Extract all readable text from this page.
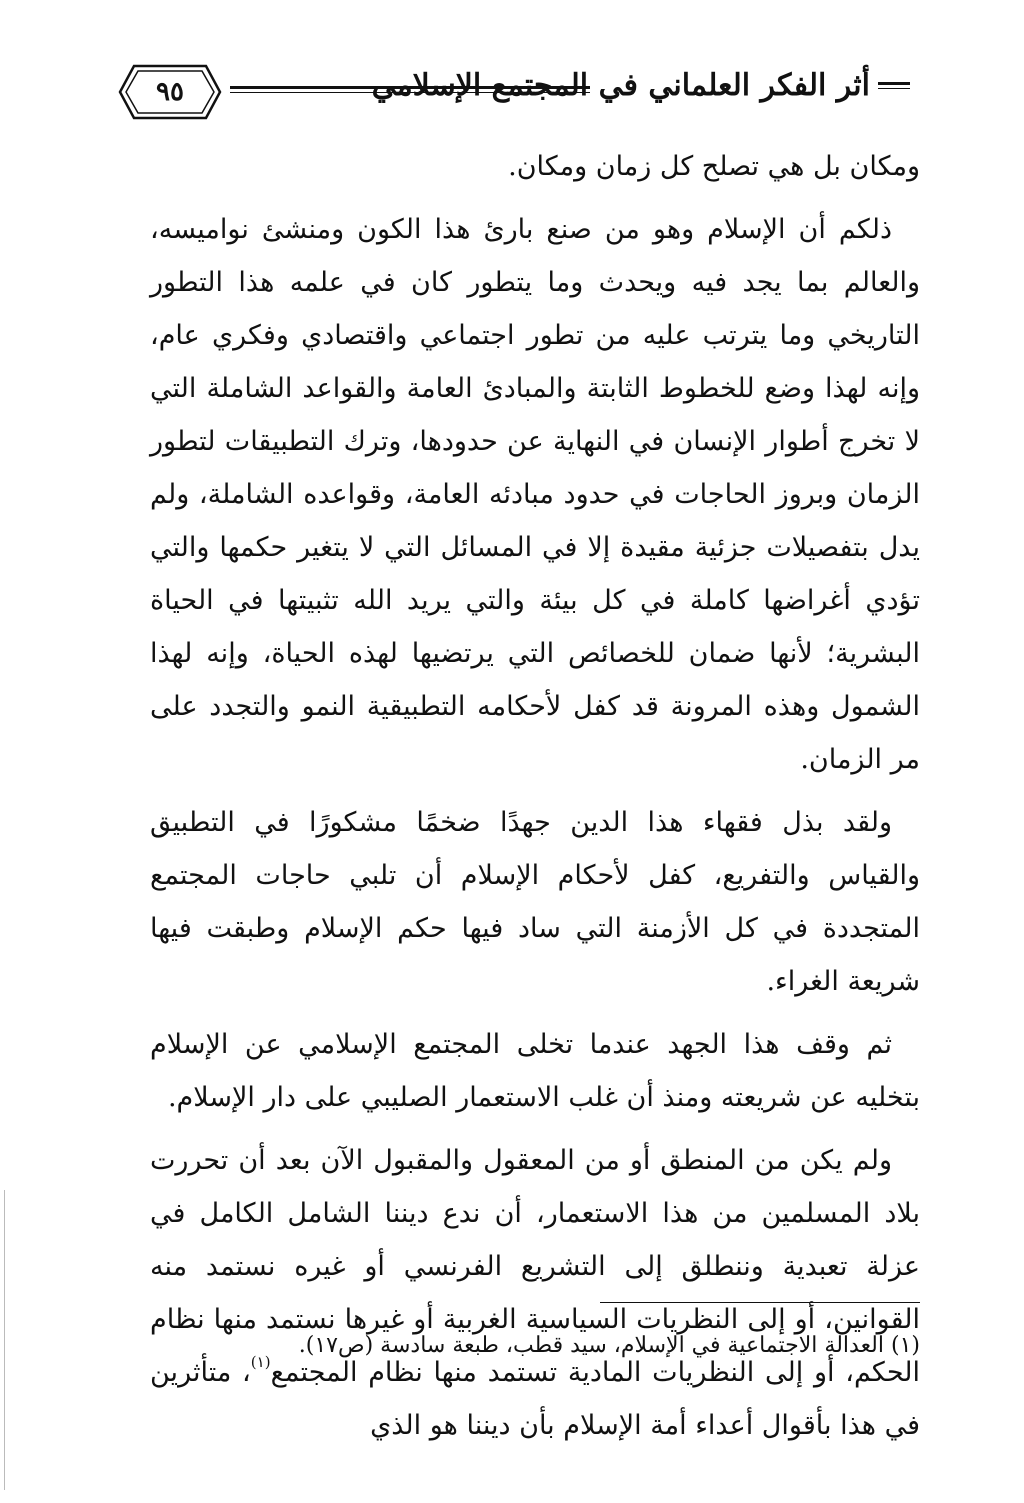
٩٥	أثر الفكر العلماني في المجتمع الإسلامي

ومكان بل هي تصلح كل زمان ومكان.

ذلكم أن الإسلام وهو من صنع بارئ هذا الكون ومنشئ نواميسه، والعالم بما يجد فيه ويحدث وما يتطور كان في علمه هذا التطور التاريخي وما يترتب عليه من تطور اجتماعي واقتصادي وفكري عام، وإنه لهذا وضع للخطوط الثابتة والمبادئ العامة والقواعد الشاملة التي لا تخرج أطوار الإنسان في النهاية عن حدودها، وترك التطبيقات لتطور الزمان وبروز الحاجات في حدود مبادئه العامة، وقواعده الشاملة، ولم يدل بتفصيلات جزئية مقيدة إلا في المسائل التي لا يتغير حكمها والتي تؤدي أغراضها كاملة في كل بيئة والتي يريد الله تثبيتها في الحياة البشرية؛ لأنها ضمان للخصائص التي يرتضيها لهذه الحياة، وإنه لهذا الشمول وهذه المرونة قد كفل لأحكامه التطبيقية النمو والتجدد على مر الزمان.

ولقد بذل فقهاء هذا الدين جهدًا ضخمًا مشكورًا في التطبيق والقياس والتفريع، كفل لأحكام الإسلام أن تلبي حاجات المجتمع المتجددة في كل الأزمنة التي ساد فيها حكم الإسلام وطبقت فيها شريعة الغراء.

ثم وقف هذا الجهد عندما تخلى المجتمع الإسلامي عن الإسلام بتخليه عن شريعته ومنذ أن غلب الاستعمار الصليبي على دار الإسلام.

ولم يكن من المنطق أو من المعقول والمقبول الآن بعد أن تحررت بلاد المسلمين من هذا الاستعمار، أن ندع ديننا الشامل الكامل في عزلة تعبدية وننطلق إلى التشريع الفرنسي أو غيره نستمد منه القوانين، أو إلى النظريات السياسية الغربية أو غيرها نستمد منها نظام الحكم، أو إلى النظريات المادية تستمد منها نظام المجتمع$^{(١)}$، متأثرين في هذا بأقوال أعداء أمة الإسلام بأن ديننا هو الذي

(١) العدالة الاجتماعية في الإسلام، سيد قطب، طبعة سادسة (ص١٧).
